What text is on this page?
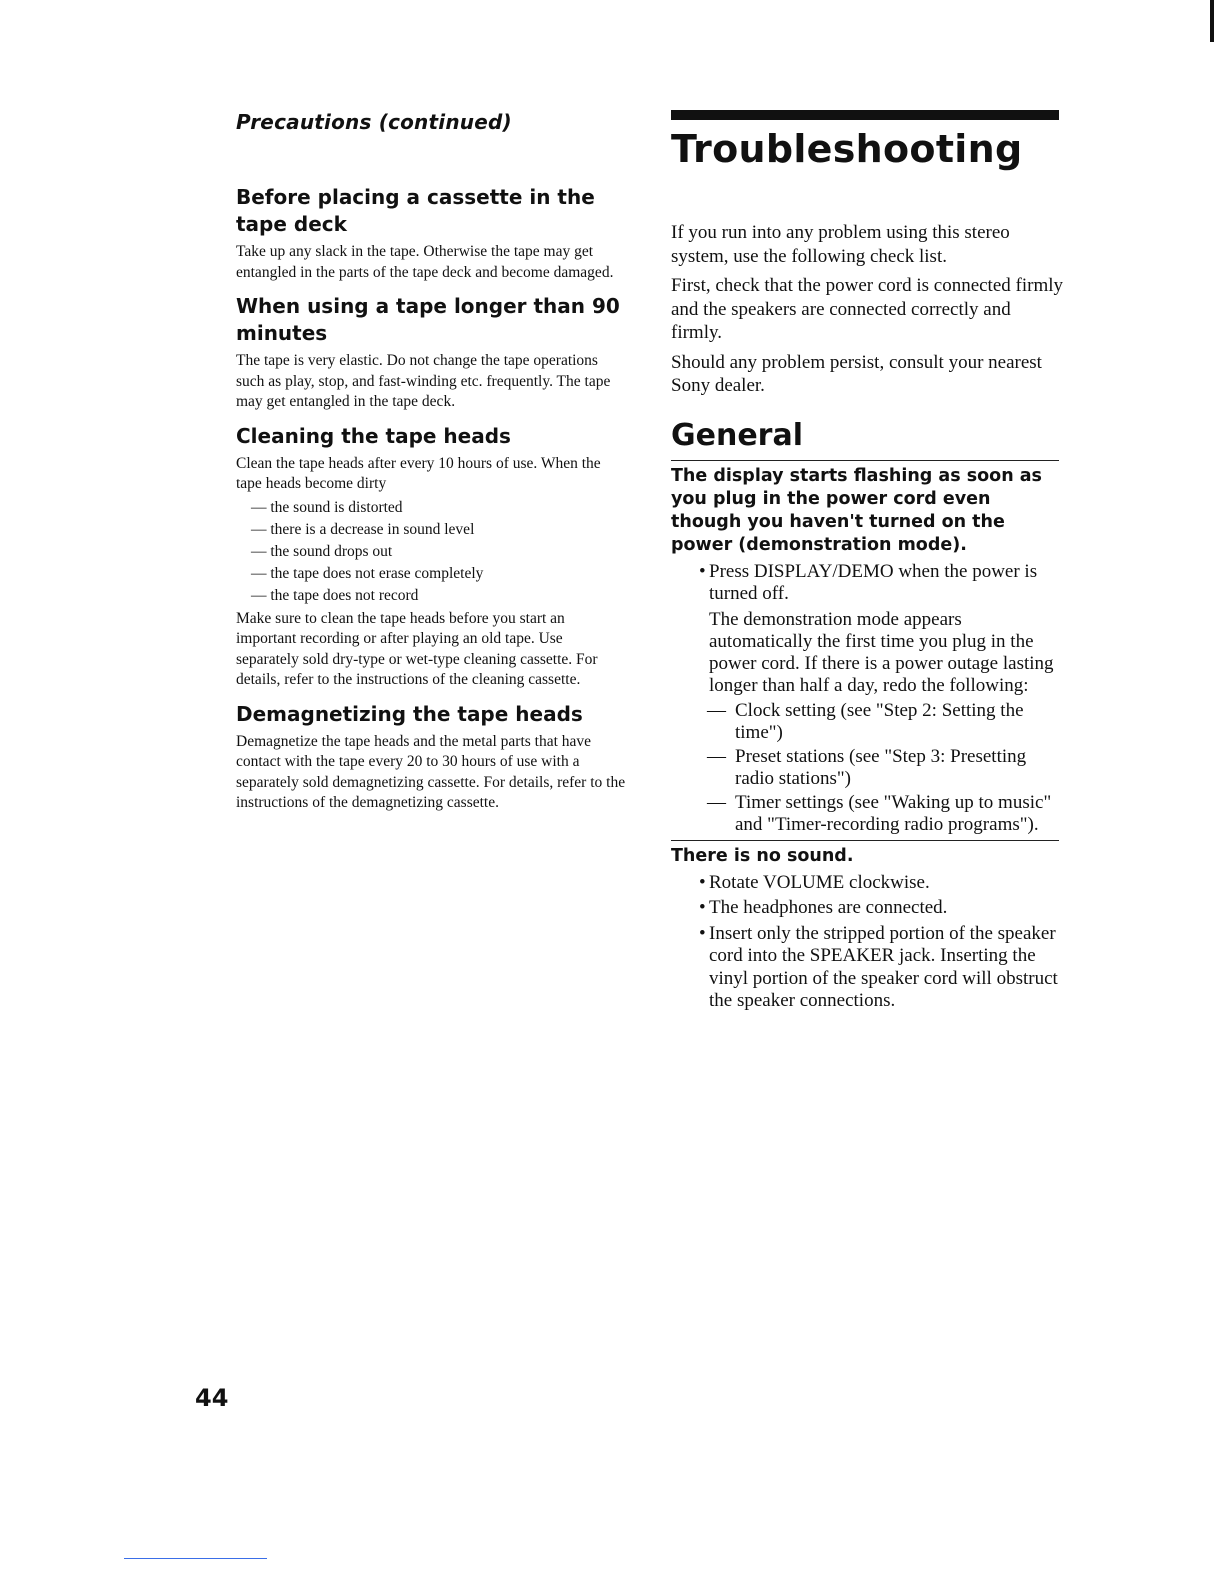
Precautions (continued)
Before placing a cassette in the tape deck

Take up any slack in the tape. Otherwise the tape may get entangled in the parts of the tape deck and become damaged.

When using a tape longer than 90 minutes

The tape is very elastic. Do not change the tape operations such as play, stop, and fast-winding etc. frequently. The tape may get entangled in the tape deck.

Cleaning the tape heads

Clean the tape heads after every 10 hours of use. When the tape heads become dirty

— the sound is distorted
— there is a decrease in sound level
— the sound drops out
— the tape does not erase completely
— the tape does not record

Make sure to clean the tape heads before you start an important recording or after playing an old tape. Use separately sold dry-type or wet-type cleaning cassette. For details, refer to the instructions of the cleaning cassette.

Demagnetizing the tape heads

Demagnetize the tape heads and the metal parts that have contact with the tape every 20 to 30 hours of use with a separately sold demagnetizing cassette. For details, refer to the instructions of the demagnetizing cassette.

Troubleshooting

If you run into any problem using this stereo system, use the following check list.

First, check that the power cord is connected firmly and the speakers are connected correctly and firmly.

Should any problem persist, consult your nearest Sony dealer.

General
The display starts flashing as soon as you plug in the power cord even though you haven't turned on the power (demonstration mode).
• Press DISPLAY/DEMO when the power is turned off.

The demonstration mode appears automatically the first time you plug in the power cord. If there is a power outage lasting longer than half a day, redo the following:

— Clock setting (see "Step 2: Setting the time")
— Preset stations (see "Step 3: Presetting radio stations")
— Timer settings (see "Waking up to music" and "Timer-recording radio programs").
There is no sound.
• Rotate VOLUME clockwise.
• The headphones are connected.
• Insert only the stripped portion of the speaker cord into the SPEAKER jack. Inserting the vinyl portion of the speaker cord will obstruct the speaker connections.
44
